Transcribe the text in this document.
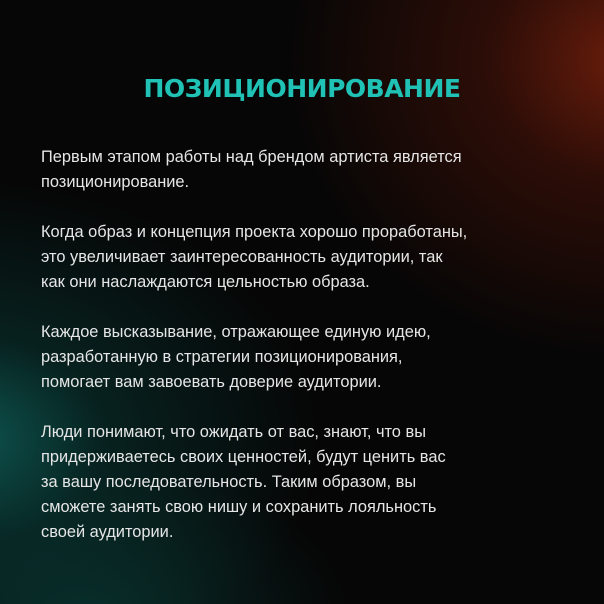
ПОЗИЦИОНИРОВАНИЕ

Первым этапом работы над брендом артиста является
позиционирование.

Когда образ и концепция проекта хорошо проработаны,
это увеличивает заинтересованность аудитории, так
как они наслаждаются цельностью образа.

Каждое высказывание, отражающее единую идею,
разработанную в стратегии позиционирования,
помогает вам завоевать доверие аудитории.

Люди понимают, что ожидать от вас, знают, что вы
придерживаетесь своих ценностей, будут ценить вас
за вашу последовательность. Таким образом, вы
сможете занять свою нишу и сохранить лояльность
своей аудитории.
